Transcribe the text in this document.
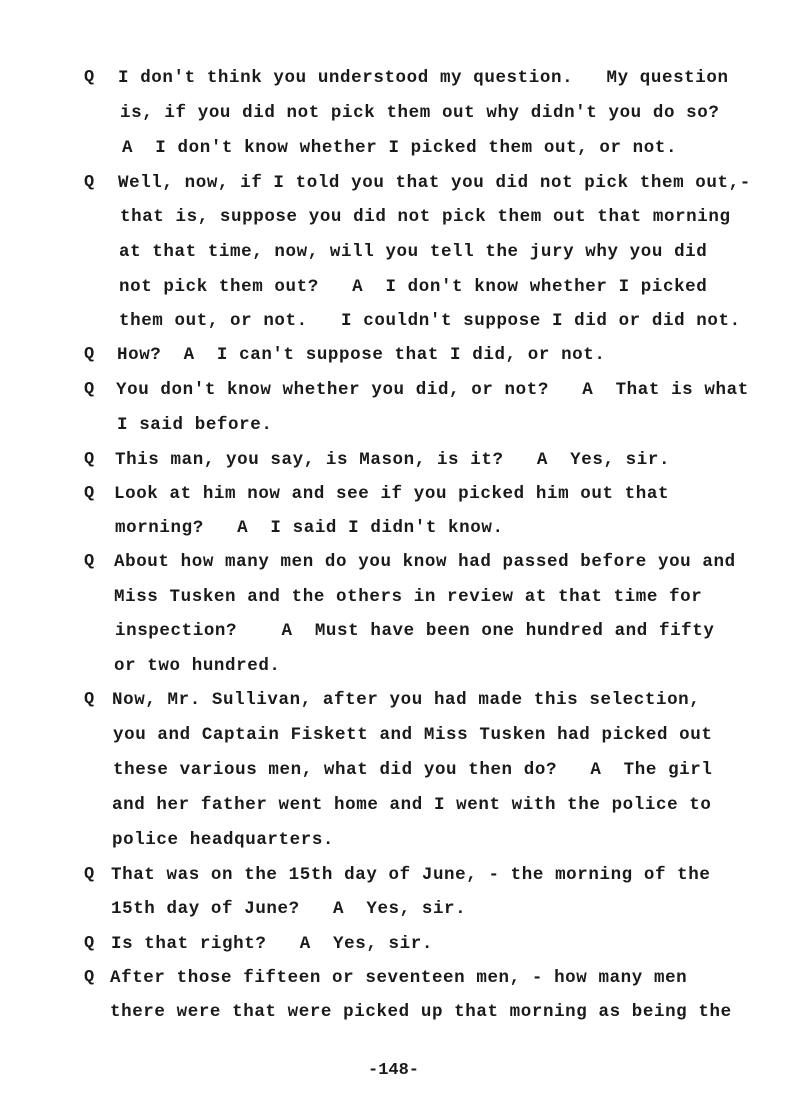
Q I don't think you understood my question.   My question
is, if you did not pick them out why didn't you do so?
A  I don't know whether I picked them out, or not.
Q Well, now, if I told you that you did not pick them out,-
that is, suppose you did not pick them out that morning
at that time, now, will you tell the jury why you did
not pick them out?   A  I don't know whether I picked
them out, or not.   I couldn't suppose I did or did not.
Q How?  A  I can't suppose that I did, or not.
Q You don't know whether you did, or not?   A  That is what
I said before.
Q This man, you say, is Mason, is it?   A  Yes, sir.
Q Look at him now and see if you picked him out that
morning?   A  I said I didn't know.
Q About how many men do you know had passed before you and
Miss Tusken and the others in review at that time for
inspection?    A  Must have been one hundred and fifty
or two hundred.
Q Now, Mr. Sullivan, after you had made this selection,
you and Captain Fiskett and Miss Tusken had picked out
these various men, what did you then do?   A  The girl
and her father went home and I went with the police to
police headquarters.
Q That was on the 15th day of June, - the morning of the
15th day of June?   A  Yes, sir.
Q Is that right?   A  Yes, sir.
Q After those fifteen or seventeen men, - how many men
there were that were picked up that morning as being the
-148-
